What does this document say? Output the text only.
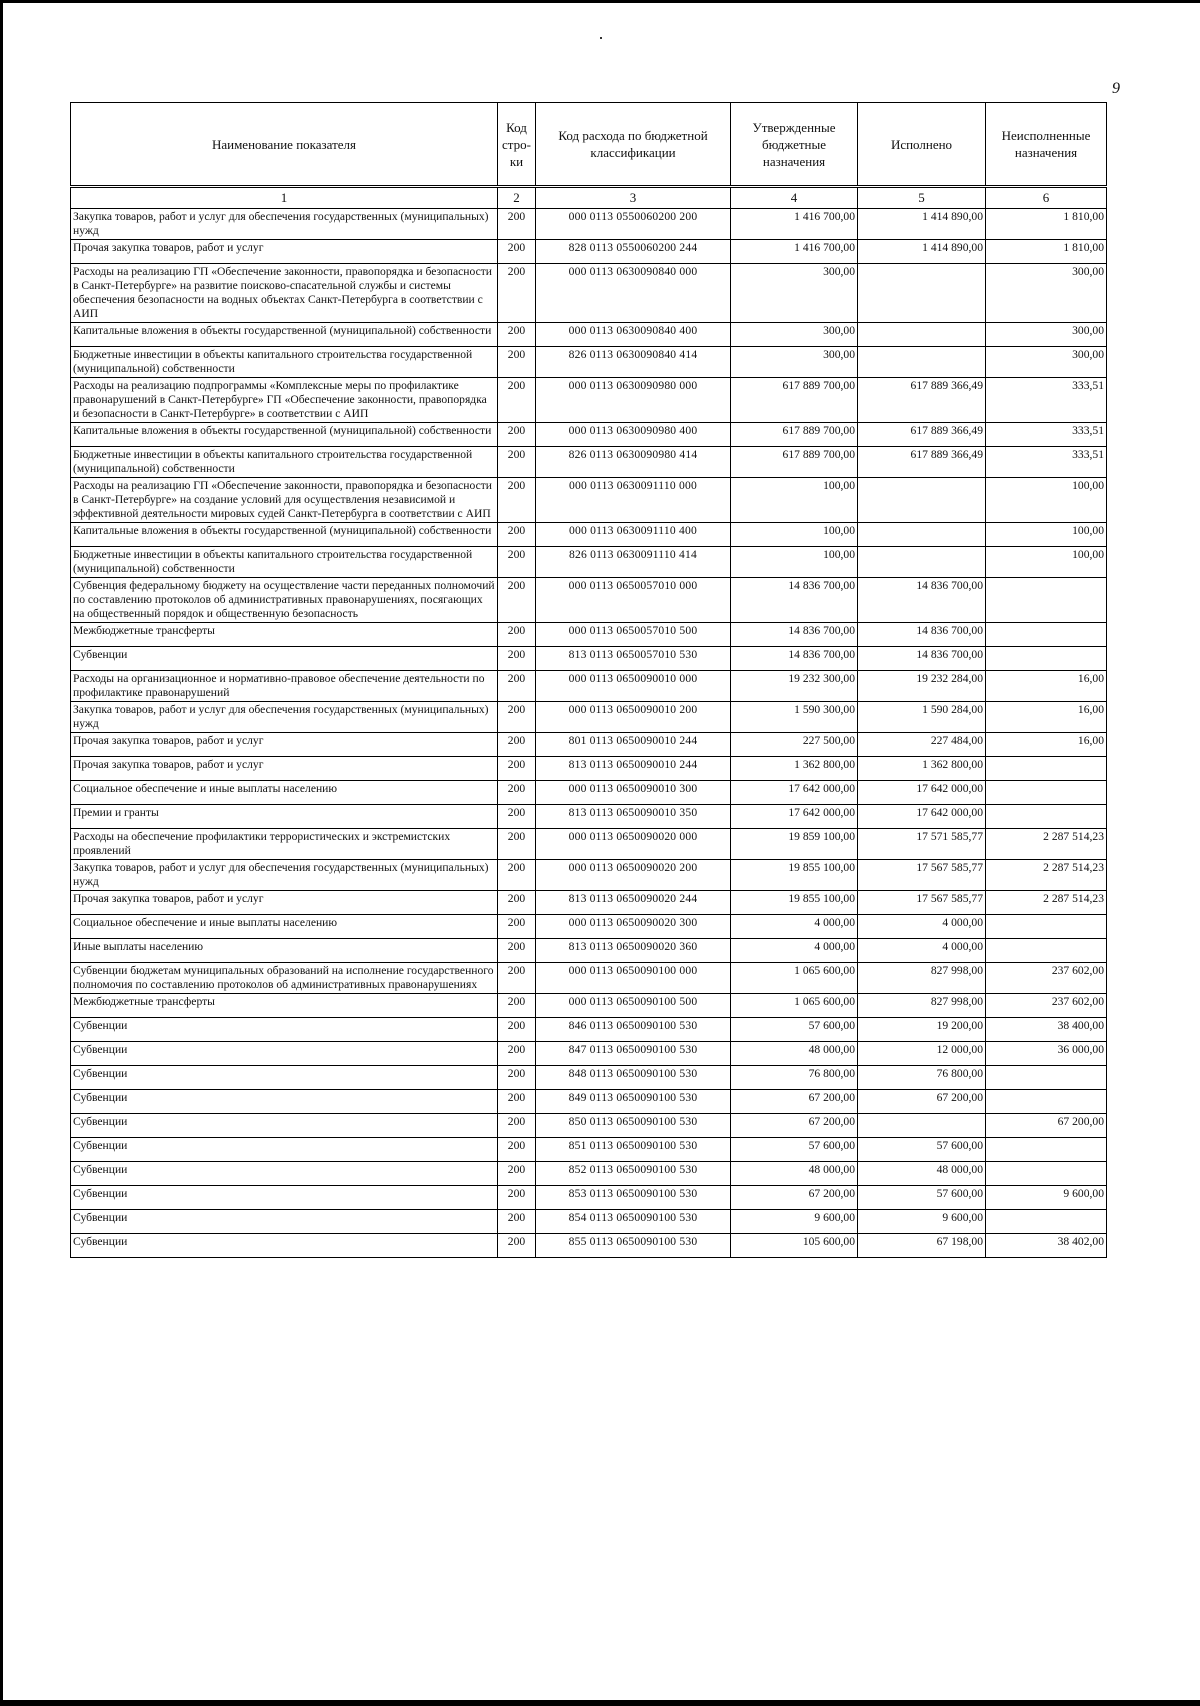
9
Наименование показателя	Код стро-ки	Код расхода по бюджетной классификации	Утвержденные бюджетные назначения	Исполнено	Неисполненные назначения
1	2	3	4	5	6
Закупка товаров, работ и услуг для обеспечения государственных (муниципальных) нужд	200	000 0113 0550060200 200	1 416 700,00	1 414 890,00	1 810,00
Прочая закупка товаров, работ и услуг	200	828 0113 0550060200 244	1 416 700,00	1 414 890,00	1 810,00
Расходы на реализацию ГП «Обеспечение законности, правопорядка и безопасности в Санкт-Петербурге» на развитие поисково-спасательной службы и системы обеспечения безопасности на водных объектах Санкт-Петербурга в соответствии с АИП	200	000 0113 0630090840 000	300,00		300,00
Капитальные вложения в объекты государственной (муниципальной) собственности	200	000 0113 0630090840 400	300,00		300,00
Бюджетные инвестиции в объекты капитального строительства государственной (муниципальной) собственности	200	826 0113 0630090840 414	300,00		300,00
Расходы на реализацию подпрограммы «Комплексные меры по профилактике правонарушений в Санкт-Петербурге» ГП «Обеспечение законности, правопорядка и безопасности в Санкт-Петербурге» в соответствии с АИП	200	000 0113 0630090980 000	617 889 700,00	617 889 366,49	333,51
Капитальные вложения в объекты государственной (муниципальной) собственности	200	000 0113 0630090980 400	617 889 700,00	617 889 366,49	333,51
Бюджетные инвестиции в объекты капитального строительства государственной (муниципальной) собственности	200	826 0113 0630090980 414	617 889 700,00	617 889 366,49	333,51
Расходы на реализацию ГП «Обеспечение законности, правопорядка и безопасности в Санкт-Петербурге» на создание условий для осуществления независимой и эффективной деятельности мировых судей Санкт-Петербурга в соответствии с АИП	200	000 0113 0630091110 000	100,00		100,00
Капитальные вложения в объекты государственной (муниципальной) собственности	200	000 0113 0630091110 400	100,00		100,00
Бюджетные инвестиции в объекты капитального строительства государственной (муниципальной) собственности	200	826 0113 0630091110 414	100,00		100,00
Субвенция федеральному бюджету на осуществление части переданных полномочий по составлению протоколов об административных правонарушениях, посягающих на общественный порядок и общественную безопасность	200	000 0113 0650057010 000	14 836 700,00	14 836 700,00	
Межбюджетные трансферты	200	000 0113 0650057010 500	14 836 700,00	14 836 700,00	
Субвенции	200	813 0113 0650057010 530	14 836 700,00	14 836 700,00	
Расходы на организационное и нормативно-правовое обеспечение деятельности по профилактике правонарушений	200	000 0113 0650090010 000	19 232 300,00	19 232 284,00	16,00
Закупка товаров, работ и услуг для обеспечения государственных (муниципальных) нужд	200	000 0113 0650090010 200	1 590 300,00	1 590 284,00	16,00
Прочая закупка товаров, работ и услуг	200	801 0113 0650090010 244	227 500,00	227 484,00	16,00
Прочая закупка товаров, работ и услуг	200	813 0113 0650090010 244	1 362 800,00	1 362 800,00	
Социальное обеспечение и иные выплаты населению	200	000 0113 0650090010 300	17 642 000,00	17 642 000,00	
Премии и гранты	200	813 0113 0650090010 350	17 642 000,00	17 642 000,00	
Расходы на обеспечение профилактики террористических и экстремистских проявлений	200	000 0113 0650090020 000	19 859 100,00	17 571 585,77	2 287 514,23
Закупка товаров, работ и услуг для обеспечения государственных (муниципальных) нужд	200	000 0113 0650090020 200	19 855 100,00	17 567 585,77	2 287 514,23
Прочая закупка товаров, работ и услуг	200	813 0113 0650090020 244	19 855 100,00	17 567 585,77	2 287 514,23
Социальное обеспечение и иные выплаты населению	200	000 0113 0650090020 300	4 000,00	4 000,00	
Иные выплаты населению	200	813 0113 0650090020 360	4 000,00	4 000,00	
Субвенции бюджетам муниципальных образований на исполнение государственного полномочия по составлению протоколов об административных правонарушениях	200	000 0113 0650090100 000	1 065 600,00	827 998,00	237 602,00
Межбюджетные трансферты	200	000 0113 0650090100 500	1 065 600,00	827 998,00	237 602,00
Субвенции	200	846 0113 0650090100 530	57 600,00	19 200,00	38 400,00
Субвенции	200	847 0113 0650090100 530	48 000,00	12 000,00	36 000,00
Субвенции	200	848 0113 0650090100 530	76 800,00	76 800,00	
Субвенции	200	849 0113 0650090100 530	67 200,00	67 200,00	
Субвенции	200	850 0113 0650090100 530	67 200,00		67 200,00
Субвенции	200	851 0113 0650090100 530	57 600,00	57 600,00	
Субвенции	200	852 0113 0650090100 530	48 000,00	48 000,00	
Субвенции	200	853 0113 0650090100 530	67 200,00	57 600,00	9 600,00
Субвенции	200	854 0113 0650090100 530	9 600,00	9 600,00	
Субвенции	200	855 0113 0650090100 530	105 600,00	67 198,00	38 402,00
